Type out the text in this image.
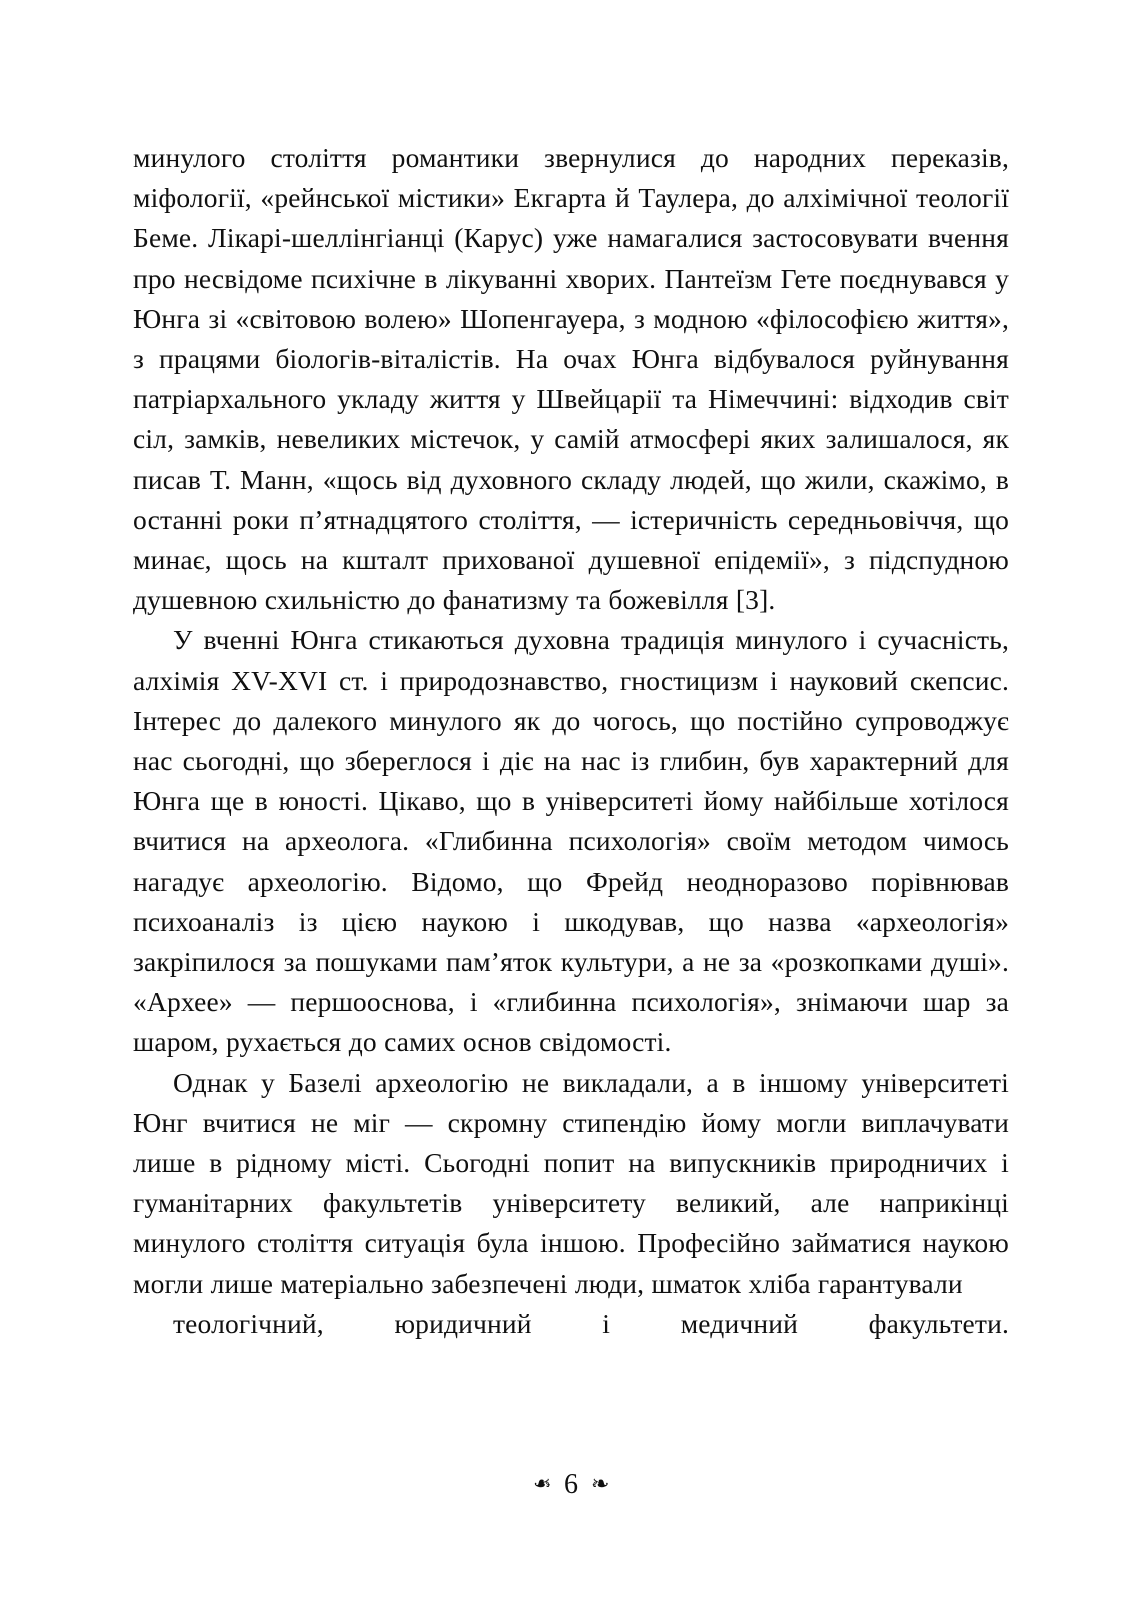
минулого століття романтики звернулися до народних переказів, міфології, «рейнської містики» Екгарта й Таулера, до алхімічної теології Беме. Лікарі-шеллінгіанці (Карус) уже намагалися застосовувати вчення про несвідоме психічне в лікуванні хворих. Пантеїзм Гете поєднувався у Юнга зі «світовою волею» Шопенгауера, з модною «філософією життя», з працями біологів-віталістів. На очах Юнга відбувалося руйнування патріархального укладу життя у Швейцарії та Німеччині: відходив світ сіл, замків, невеликих містечок, у самій атмосфері яких залишалося, як писав Т. Манн, «щось від духовного складу людей, що жили, скажімо, в останні роки п’ятнадцятого століття, — істеричність середньовіччя, що минає, щось на кшталт прихованої душевної епідемії», з підспудною душевною схильністю до фанатизму та божевілля [3].

У вченні Юнга стикаються духовна традиція минулого і сучасність, алхімія XV-XVI ст. і природознавство, гностицизм і науковий скепсис. Інтерес до далекого минулого як до чогось, що постійно супроводжує нас сьогодні, що збереглося і діє на нас із глибин, був характерний для Юнга ще в юності. Цікаво, що в університеті йому найбільше хотілося вчитися на археолога. «Глибинна психологія» своїм методом чимось нагадує археологію. Відомо, що Фрейд неодноразово порівнював психоаналіз із цією наукою і шкодував, що назва «археологія» закріпилося за пошуками пам’яток культури, а не за «розкопками душі». «Архее» — першооснова, і «глибинна психологія», знімаючи шар за шаром, рухається до самих основ свідомості.

Однак у Базелі археологію не викладали, а в іншому університеті Юнг вчитися не міг — скромну стипендію йому могли виплачувати лише в рідному місті. Сьогодні попит на випускників природничих і гуманітарних факультетів університету великий, але наприкінці минулого століття ситуація була іншою. Професійно займатися наукою могли лише матеріально забезпечені люди, шматок хліба гарантували
теологічний, юридичний і медичний факультети.

❧ 6 ❧
